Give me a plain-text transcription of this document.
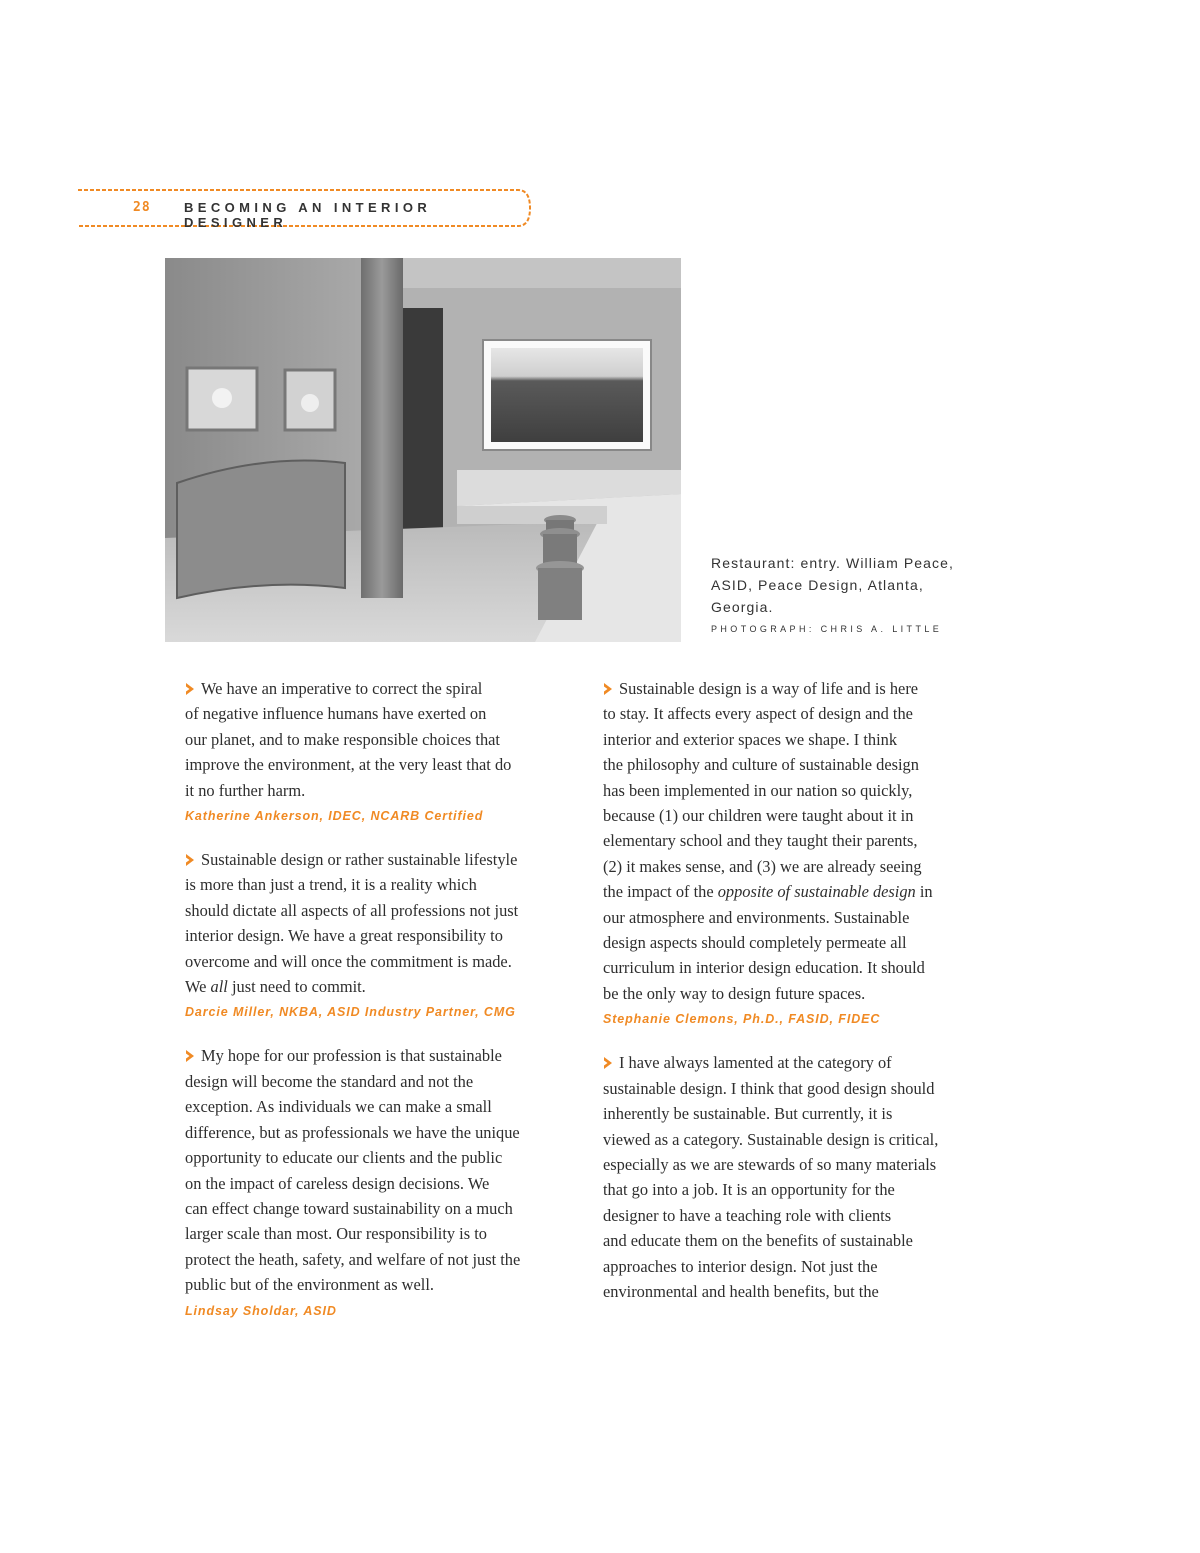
28	BECOMING AN INTERIOR DESIGNER
Restaurant: entry. William Peace,
ASID, Peace Design, Atlanta,
Georgia.
PHOTOGRAPH: CHRIS A. LITTLE
We have an imperative to correct the spiral
of negative influence humans have exerted on
our planet, and to make responsible choices that
improve the environment, at the very least that do
it no further harm.
Katherine Ankerson, IDEC, NCARB Certified
Sustainable design or rather sustainable lifestyle
is more than just a trend, it is a reality which
should dictate all aspects of all professions not just
interior design. We have a great responsibility to
overcome and will once the commitment is made.
We all just need to commit.
Darcie Miller, NKBA, ASID Industry Partner, CMG
My hope for our profession is that sustainable
design will become the standard and not the
exception. As individuals we can make a small
difference, but as professionals we have the unique
opportunity to educate our clients and the public
on the impact of careless design decisions. We
can effect change toward sustainability on a much
larger scale than most. Our responsibility is to
protect the heath, safety, and welfare of not just the
public but of the environment as well.
Lindsay Sholdar, ASID
Sustainable design is a way of life and is here
to stay. It affects every aspect of design and the
interior and exterior spaces we shape. I think
the philosophy and culture of sustainable design
has been implemented in our nation so quickly,
because (1) our children were taught about it in
elementary school and they taught their parents,
(2) it makes sense, and (3) we are already seeing
the impact of the opposite of sustainable design in
our atmosphere and environments. Sustainable
design aspects should completely permeate all
curriculum in interior design education. It should
be the only way to design future spaces.
Stephanie Clemons, Ph.D., FASID, FIDEC
I have always lamented at the category of
sustainable design. I think that good design should
inherently be sustainable. But currently, it is
viewed as a category. Sustainable design is critical,
especially as we are stewards of so many materials
that go into a job. It is an opportunity for the
designer to have a teaching role with clients
and educate them on the benefits of sustainable
approaches to interior design. Not just the
environmental and health benefits, but the
